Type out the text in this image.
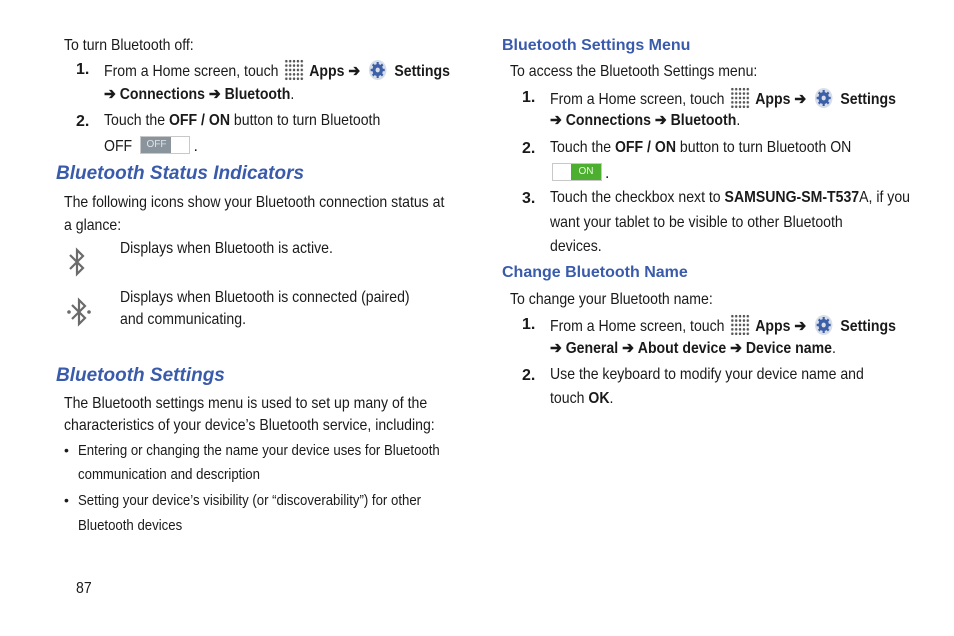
To turn Bluetooth off:
1. From a Home screen, touch Apps ➔ Settings
➔ Connections ➔ Bluetooth.
2. Touch the OFF / ON button to turn Bluetooth
OFF	OFF	.
Bluetooth Status Indicators
The following icons show your Bluetooth connection status at
a glance:
Displays when Bluetooth is active.
Displays when Bluetooth is connected (paired)
and communicating.
Bluetooth Settings
The Bluetooth settings menu is used to set up many of the
characteristics of your device’s Bluetooth service, including:
• Entering or changing the name your device uses for Bluetooth
communication and description
• Setting your device’s visibility (or “discoverability”) for other
Bluetooth devices
87
Bluetooth Settings Menu
To access the Bluetooth Settings menu:
1. From a Home screen, touch Apps ➔ Settings
➔ Connections ➔ Bluetooth.
2. Touch the OFF / ON button to turn Bluetooth ON
ON .
3. Touch the checkbox next to SAMSUNG-SM-T537A, if you
want your tablet to be visible to other Bluetooth
devices.
Change Bluetooth Name
To change your Bluetooth name:
1. From a Home screen, touch Apps ➔ Settings
➔ General ➔ About device ➔ Device name.
2. Use the keyboard to modify your device name and
touch OK.
